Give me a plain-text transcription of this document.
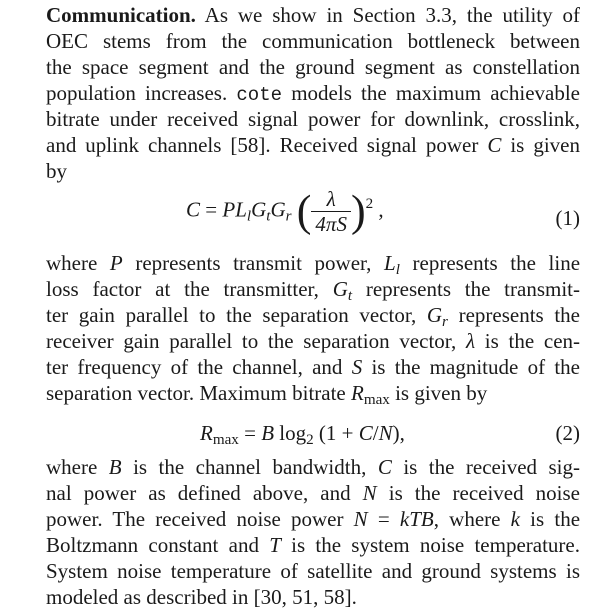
Communication. As we show in Section 3.3, the utility of
OEC stems from the communication bottleneck between
the space segment and the ground segment as constellation
population increases. cote models the maximum achievable
bitrate under received signal power for downlink, crosslink,
and uplink channels [58]. Received signal power C is given
by
$C = PL_lG_tG_r$ ( $\frac{\lambda}{4\pi S} )^2$ ,	(1)
where P represents transmit power, $L_l$ represents the line
loss factor at the transmitter, $G_t$ represents the transmit-
ter gain parallel to the separation vector, $G_r$ represents the
receiver gain parallel to the separation vector, λ is the cen-
ter frequency of the channel, and S is the magnitude of the
separation vector. Maximum bitrate $R_{max}$ is given by
$R_{max} = B$ $\log_2 (1 + C/N)$,	(2)
where B is the channel bandwidth, C is the received sig-
nal power as defined above, and N is the received noise
power. The received noise power N = kTB, where k is the
Boltzmann constant and T is the system noise temperature.
System noise temperature of satellite and ground systems is
modeled as described in [30, 51, 58].
